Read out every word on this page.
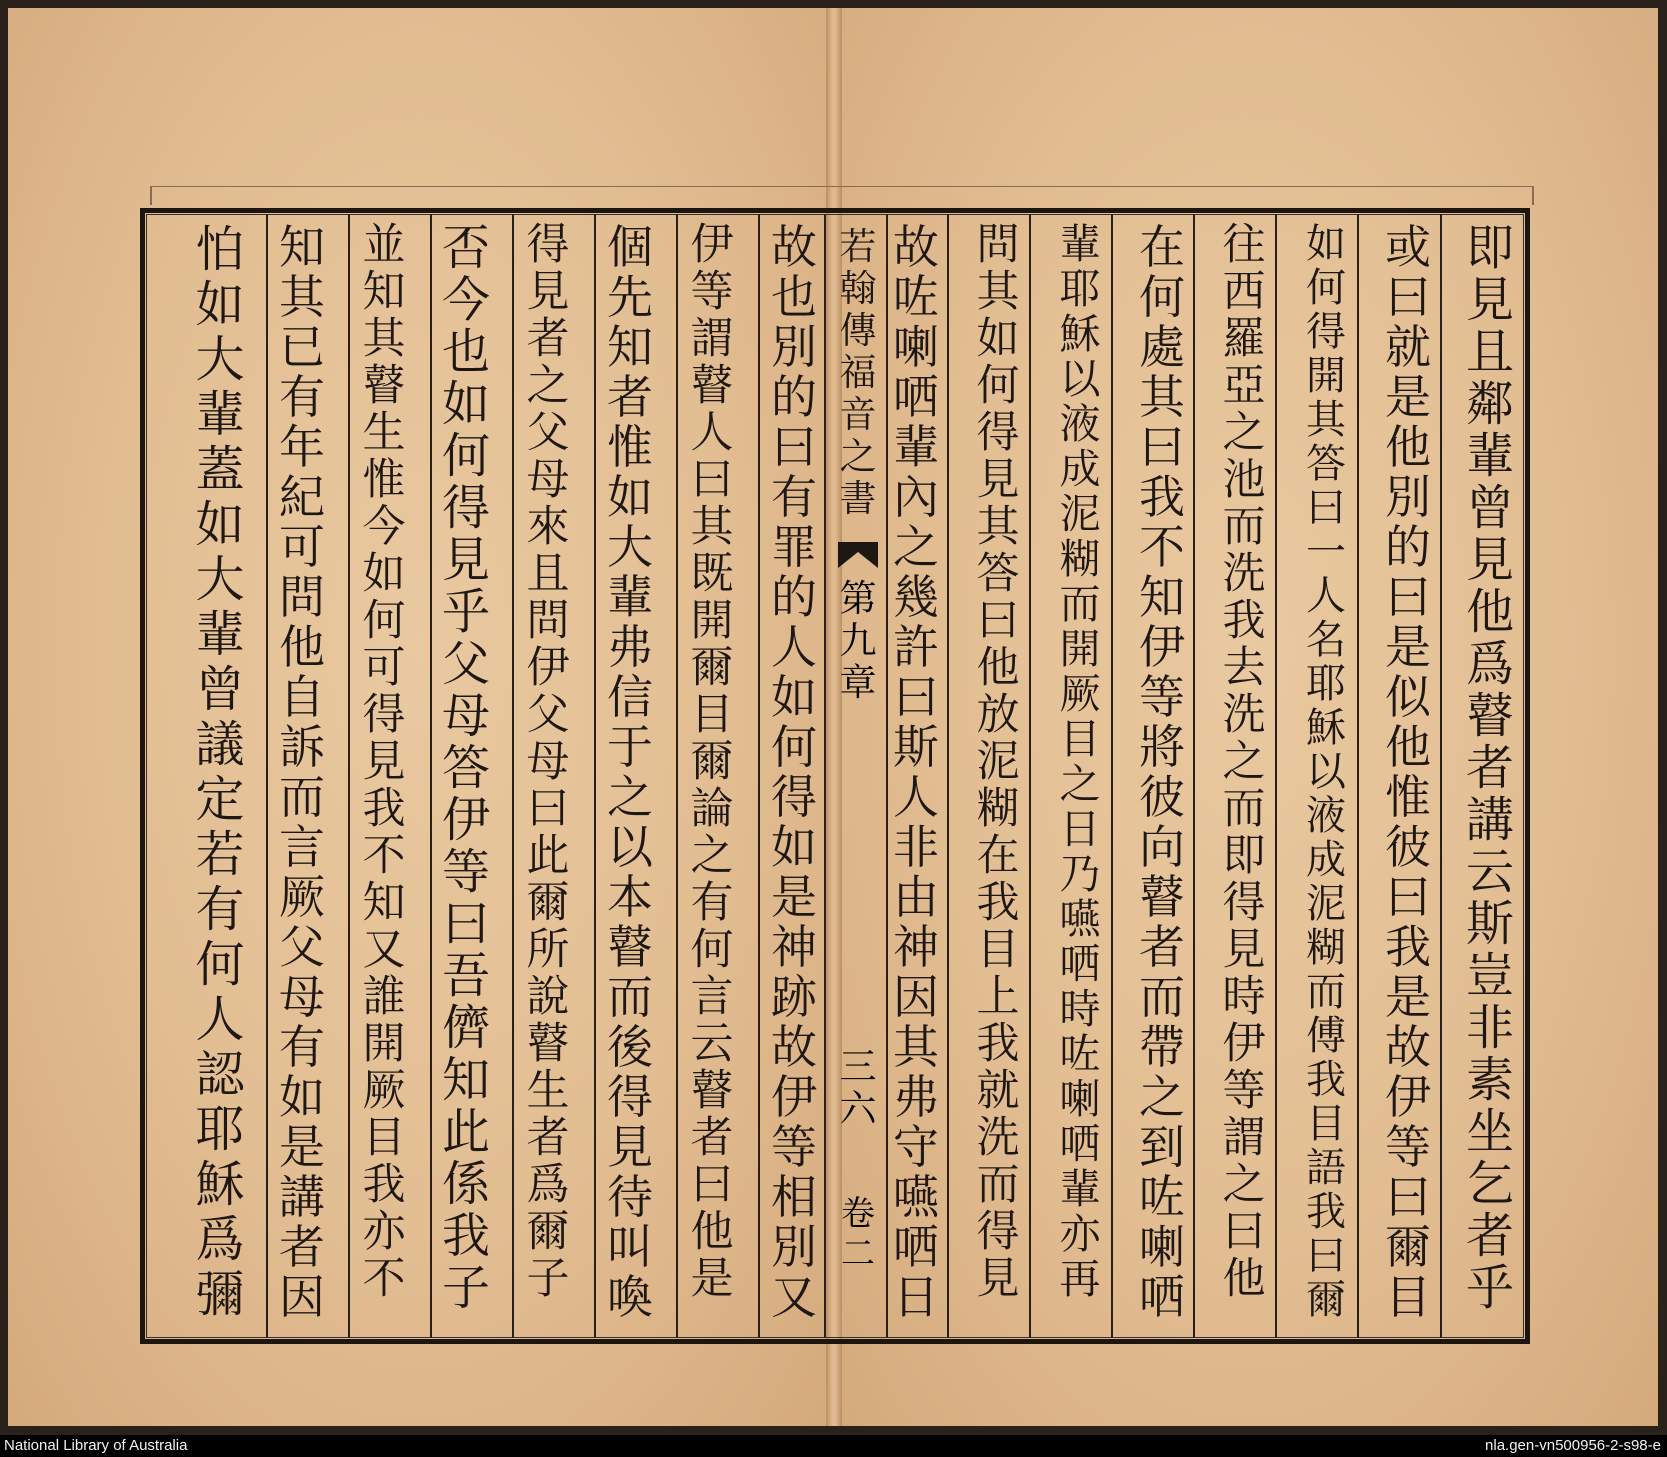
即
見
且
鄰
輩
曾
見
他
爲
瞽
者
講
云
斯
豈
非
素
坐
乞
者
乎
或
曰
就
是
他
別
的
曰
是
似
他
惟
彼
曰
我
是
故
伊
等
曰
爾
目
如
何
得
開
其
答
曰
一
人
名
耶
穌
以
液
成
泥
糊
而
傅
我
目
語
我
曰
爾
往
西
羅
亞
之
池
而
洗
我
去
洗
之
而
即
得
見
時
伊
等
謂
之
曰
他
在
何
處
其
曰
我
不
知
伊
等
將
彼
向
瞽
者
而
帶
之
到
咗
喇
哂
輩
耶
穌
以
液
成
泥
糊
而
開
厥
目
之
日
乃
嚥
哂
時
咗
喇
哂
輩
亦
再
問
其
如
何
得
見
其
答
曰
他
放
泥
糊
在
我
目
上
我
就
洗
而
得
見
故
咗
喇
哂
輩
內
之
幾
許
曰
斯
人
非
由
神
因
其
弗
守
嚥
哂
日
若
翰
傳
福
音
之
書
第
九
章
三六
卷
二
故
也
別
的
曰
有
罪
的
人
如
何
得
如
是
神
跡
故
伊
等
相
別
又
伊
等
謂
瞽
人
曰
其
既
開
爾
目
爾
論
之
有
何
言
云
瞽
者
曰
他
是
個
先
知
者
惟
如
大
輩
弗
信
于
之
以
本
瞽
而
後
得
見
待
叫
喚
得
見
者
之
父
母
來
且
問
伊
父
母
曰
此
爾
所
說
瞽
生
者
爲
爾
子
否
今
也
如
何
得
見
乎
父
母
答
伊
等
曰
吾
儕
知
此
係
我
子
並
知
其
瞽
生
惟
今
如
何
可
得
見
我
不
知
又
誰
開
厥
目
我
亦
不
知
其
已
有
年
紀
可
問
他
自
訴
而
言
厥
父
母
有
如
是
講
者
因
怕
如
大
輩
蓋
如
大
輩
曾
議
定
若
有
何
人
認
耶
穌
爲
彌
National Library of Australia	nla.gen-vn500956-2-s98-e
